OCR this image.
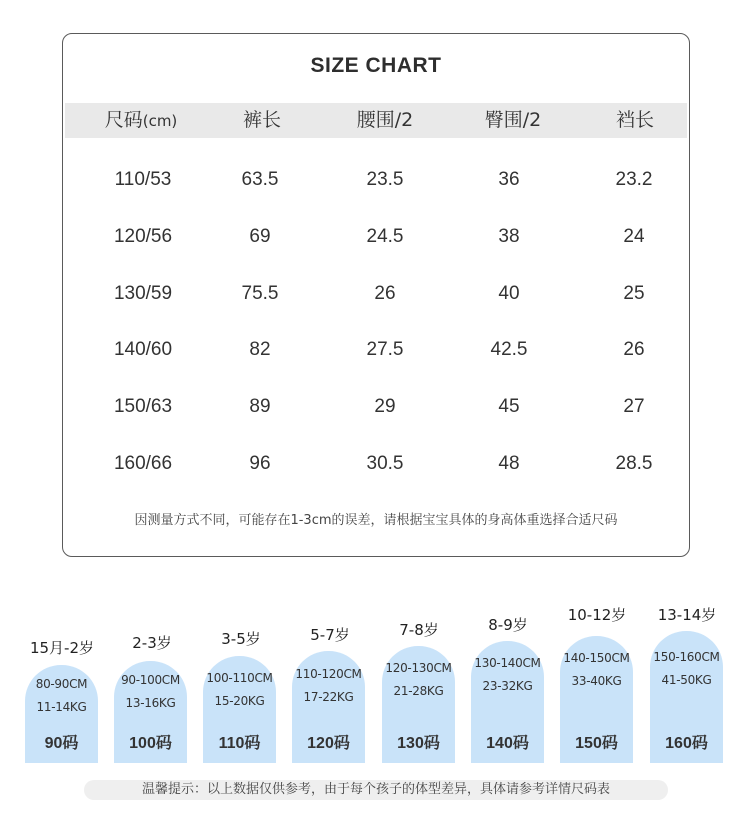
SIZE CHART
尺码(cm)	裤长	腰围/2	臀围/2	裆长
110/53	63.5	23.5	36	23.2
120/56	69	24.5	38	24
130/59	75.5	26	40	25
140/60	82	27.5	42.5	26
150/63	89	29	45	27
160/66	96	30.5	48	28.5
因测量方式不同，可能存在1-3cm的误差，请根据宝宝具体的身高体重选择合适尺码
15月-2岁	2-3岁	3-5岁	5-7岁	7-8岁	8-9岁
10-12岁	13-14岁
80-90CM
11-14KG
90码
90-100CM
13-16KG
100码
100-110CM
15-20KG
110码
110-120CM
17-22KG
120码
120-130CM
21-28KG
130码
130-140CM
23-32KG
140码
140-150CM
33-40KG
150码
150-160CM
41-50KG
160码
温馨提示：以上数据仅供参考，由于每个孩子的体型差异，具体请参考详情尺码表
